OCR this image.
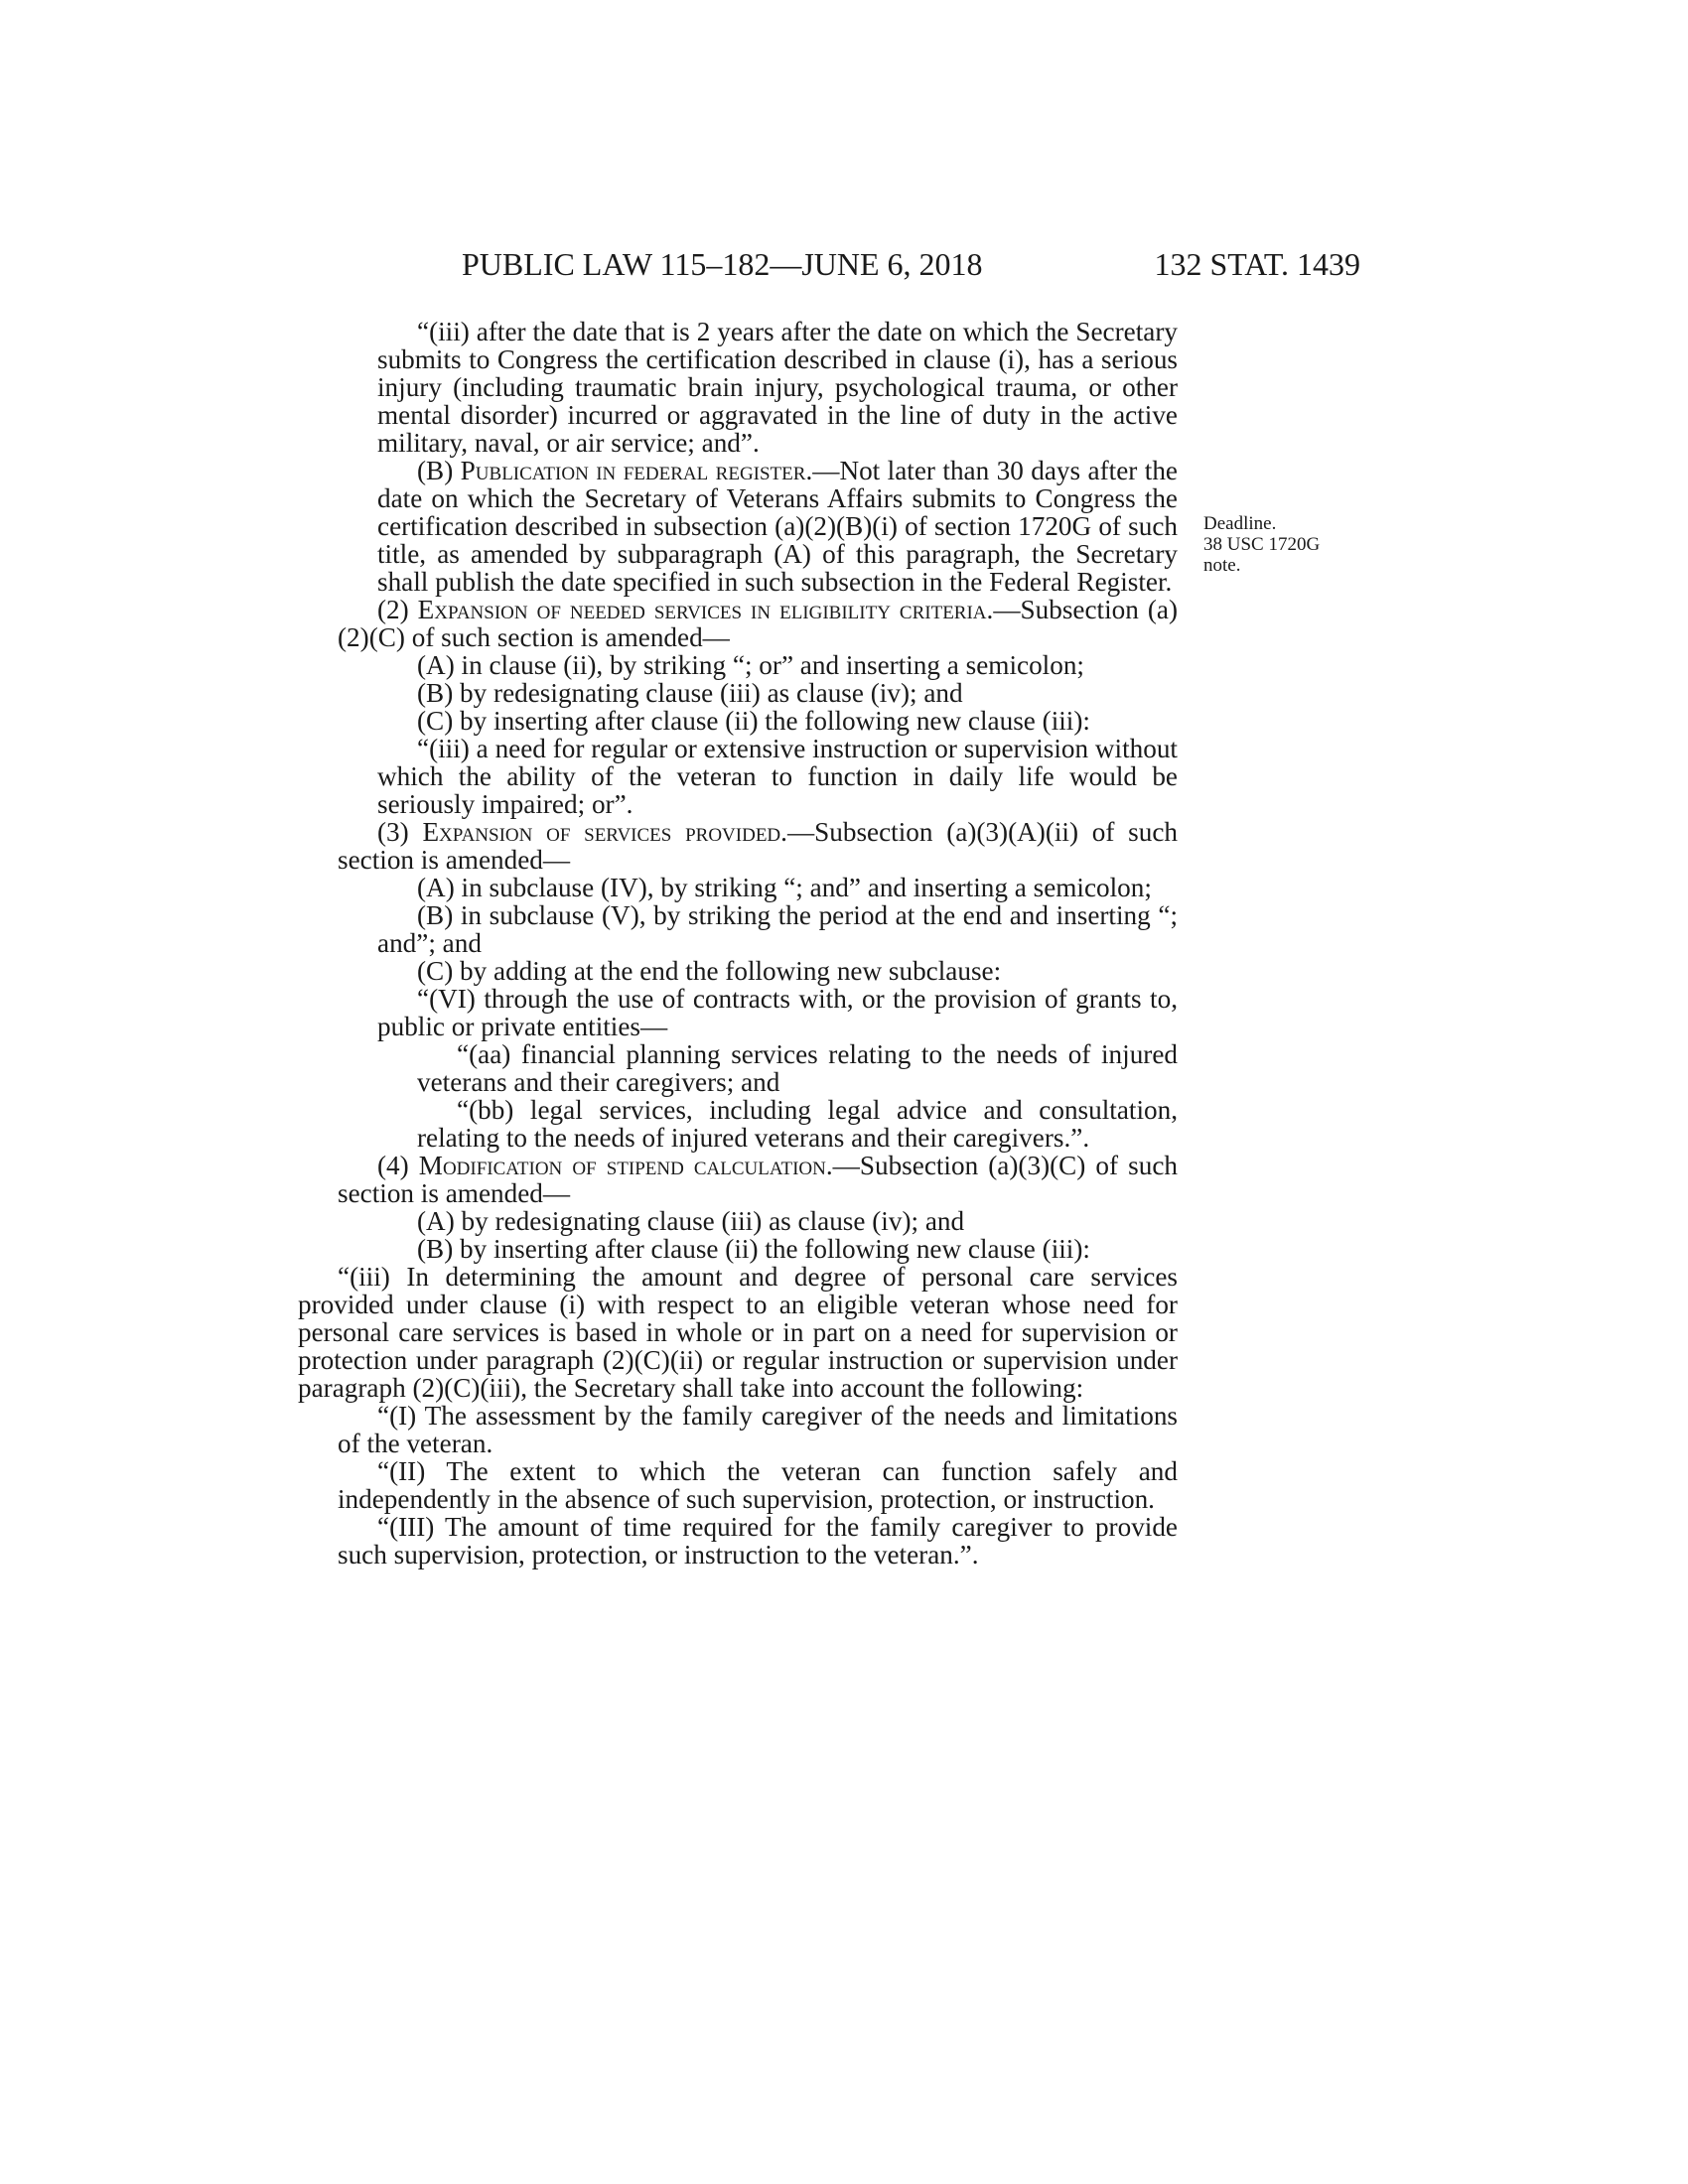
PUBLIC LAW 115–182—JUNE 6, 2018	132 STAT. 1439
Deadline.
38 USC 1720G
note.

“(iii) after the date that is 2 years after the date on which the Secretary submits to Congress the certification described in clause (i), has a serious injury (including traumatic brain injury, psychological trauma, or other mental disorder) incurred or aggravated in the line of duty in the active military, naval, or air service; and”.

(B) Publication in federal register.—Not later than 30 days after the date on which the Secretary of Veterans Affairs submits to Congress the certification described in subsection (a)(2)(B)(i) of section 1720G of such title, as amended by subparagraph (A) of this paragraph, the Secretary shall publish the date specified in such subsection in the Federal Register.

(2) Expansion of needed services in eligibility criteria.—Subsection (a)(2)(C) of such section is amended—

(A) in clause (ii), by striking “; or” and inserting a semicolon;

(B) by redesignating clause (iii) as clause (iv); and

(C) by inserting after clause (ii) the following new clause (iii):

“(iii) a need for regular or extensive instruction or supervision without which the ability of the veteran to function in daily life would be seriously impaired; or”.

(3) Expansion of services provided.—Subsection (a)(3)(A)(ii) of such section is amended—

(A) in subclause (IV), by striking “; and” and inserting a semicolon;

(B) in subclause (V), by striking the period at the end and inserting “; and”; and

(C) by adding at the end the following new subclause:

“(VI) through the use of contracts with, or the provision of grants to, public or private entities—

“(aa) financial planning services relating to the needs of injured veterans and their caregivers; and

“(bb) legal services, including legal advice and consultation, relating to the needs of injured veterans and their caregivers.”.

(4) Modification of stipend calculation.—Subsection (a)(3)(C) of such section is amended—

(A) by redesignating clause (iii) as clause (iv); and

(B) by inserting after clause (ii) the following new clause (iii):

“(iii) In determining the amount and degree of personal care services provided under clause (i) with respect to an eligible veteran whose need for personal care services is based in whole or in part on a need for supervision or protection under paragraph (2)(C)(ii) or regular instruction or supervision under paragraph (2)(C)(iii), the Secretary shall take into account the following:

“(I) The assessment by the family caregiver of the needs and limitations of the veteran.

“(II) The extent to which the veteran can function safely and independently in the absence of such supervision, protection, or instruction.

“(III) The amount of time required for the family caregiver to provide such supervision, protection, or instruction to the veteran.”.
